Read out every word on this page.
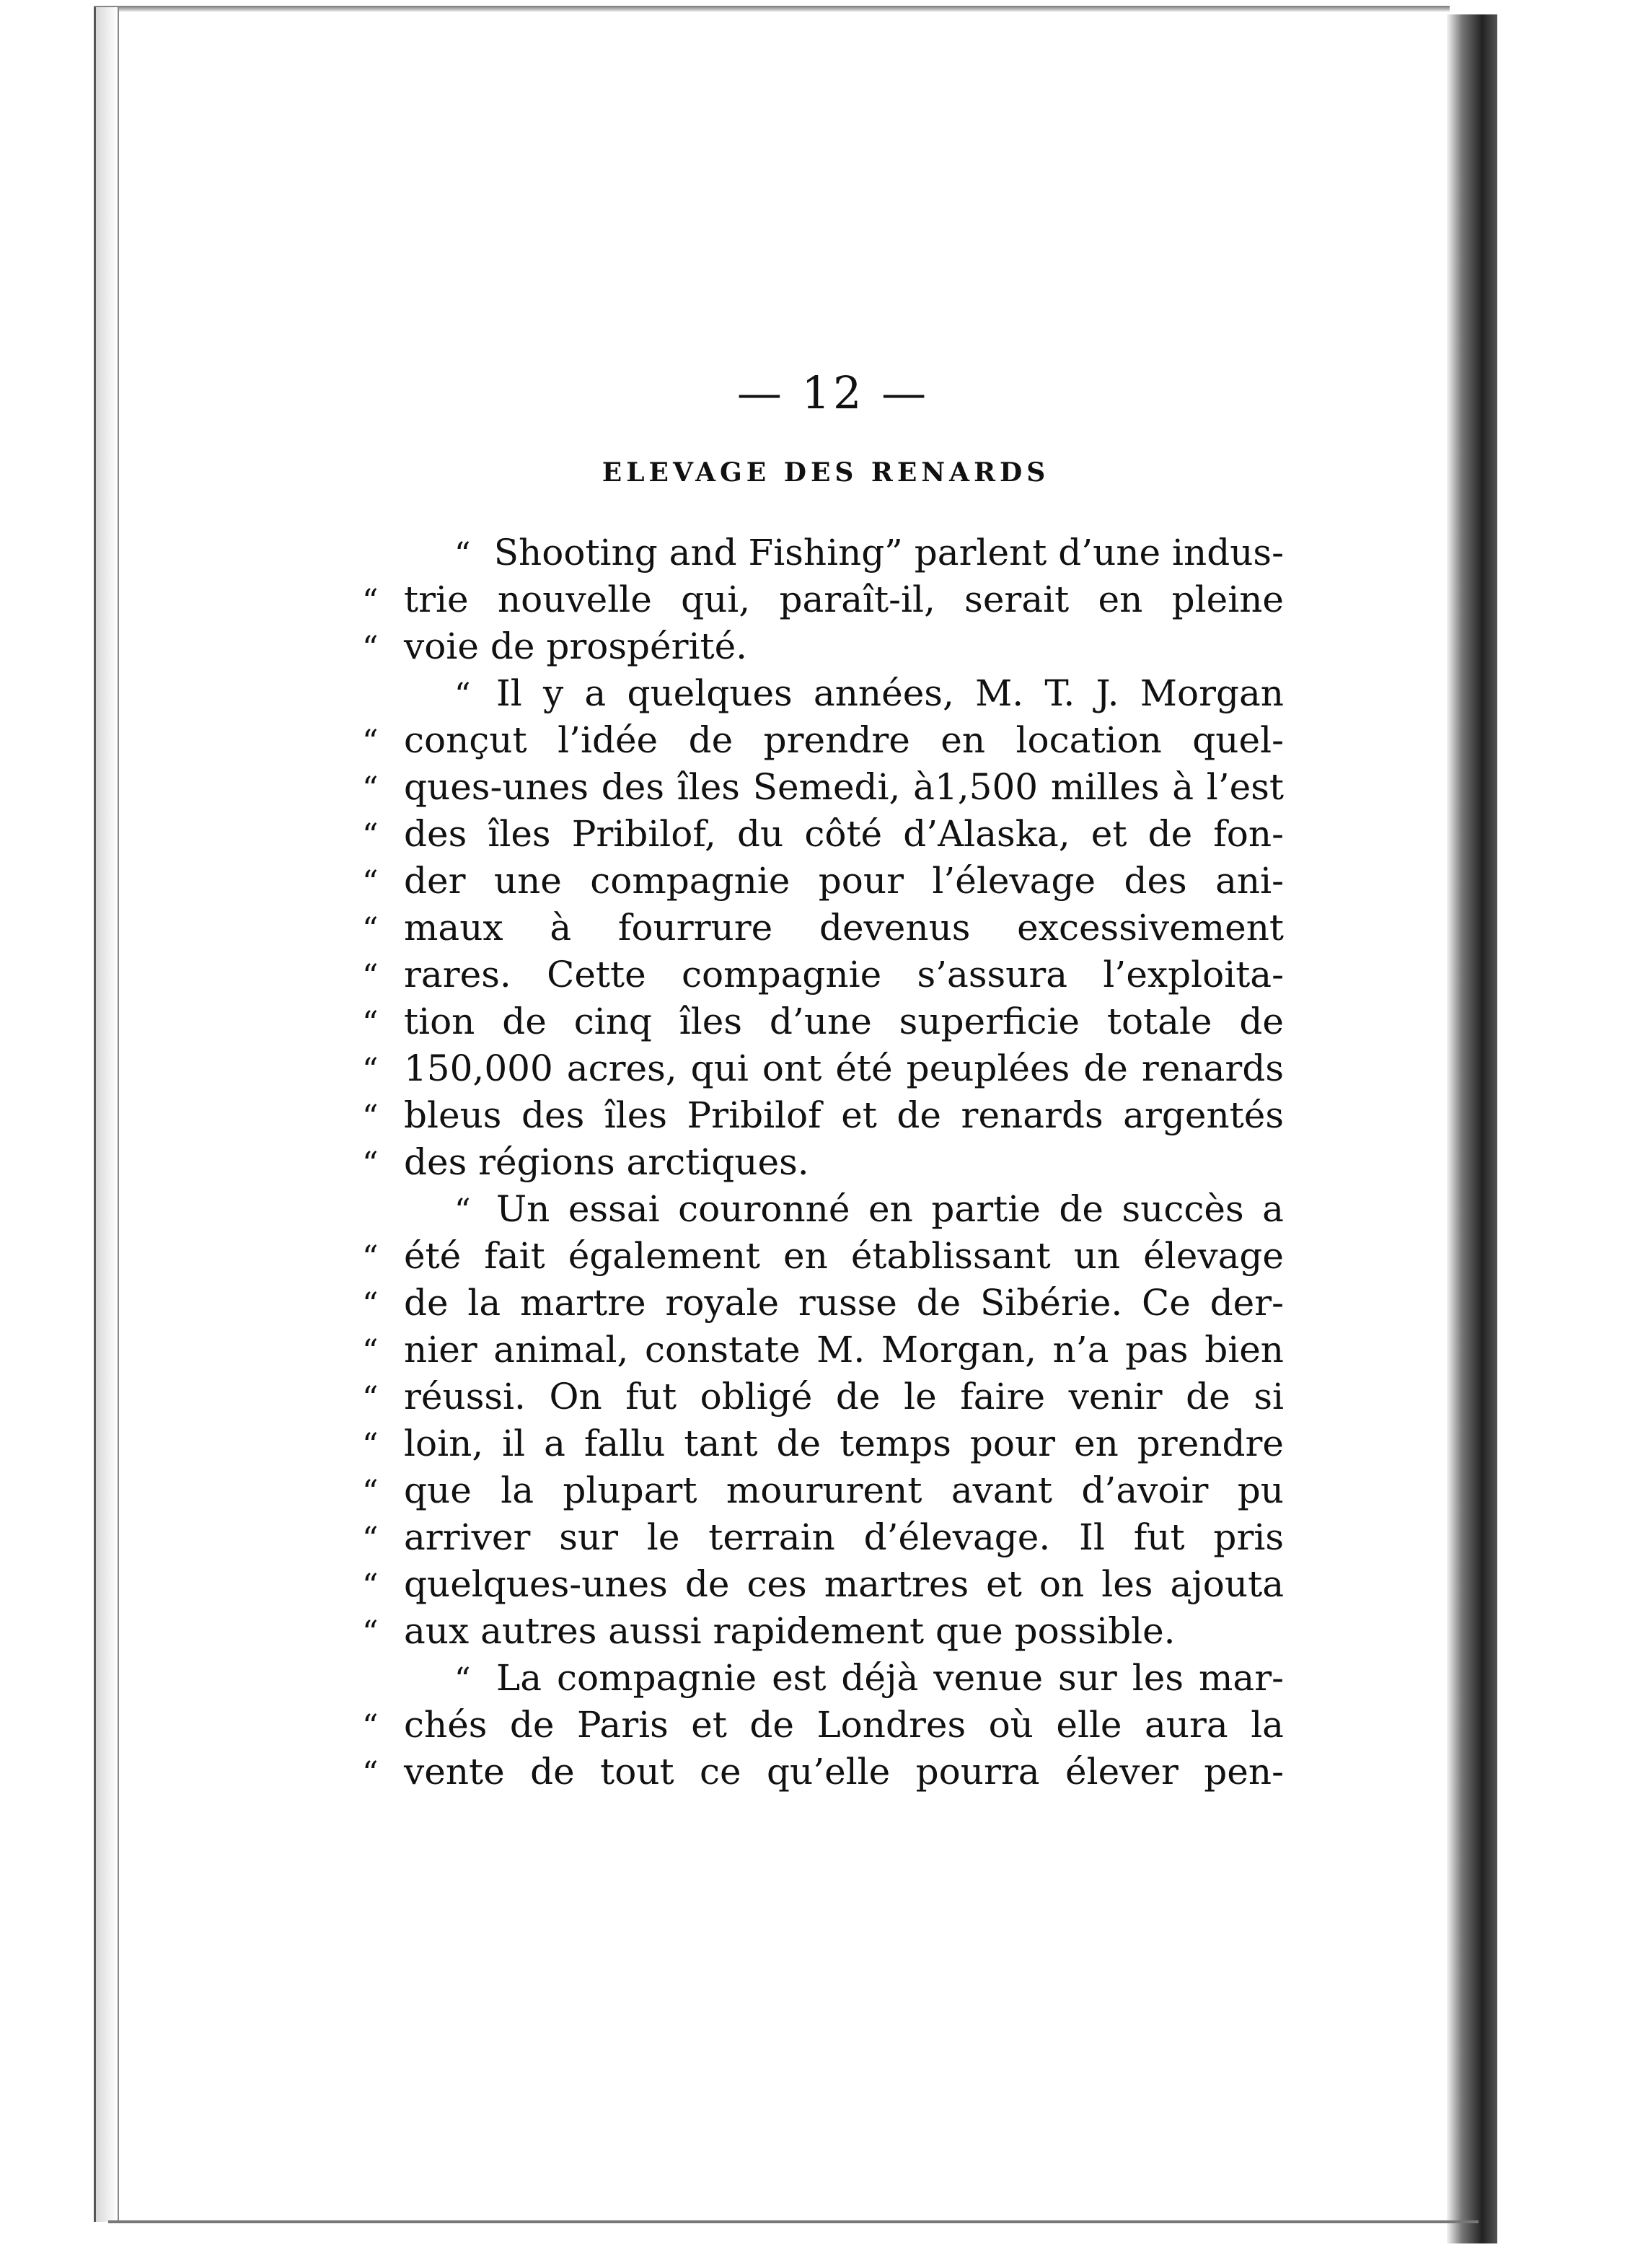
— 12 —
ELEVAGE DES RENARDS
“ Shooting and Fishing” parlent d’une indus-
“ trie nouvelle qui, paraît-il, serait en pleine
“ voie de prospérité.
“ Il y a quelques années, M. T. J. Morgan
“ conçut l’idée de prendre en location quel-
“ ques-unes des îles Semedi, à1,500 milles à l’est
“ des îles Pribilof, du côté d’Alaska, et de fon-
“ der une compagnie pour l’élevage des ani-
“ maux à fourrure devenus excessivement
“ rares. Cette compagnie s’assura l’exploita-
“ tion de cinq îles d’une superficie totale de
“ 150,000 acres, qui ont été peuplées de renards
“ bleus des îles Pribilof et de renards argentés
“ des régions arctiques.
“ Un essai couronné en partie de succès a
“ été fait également en établissant un élevage
“ de la martre royale russe de Sibérie. Ce der-
“ nier animal, constate M. Morgan, n’a pas bien
“ réussi. On fut obligé de le faire venir de si
“ loin, il a fallu tant de temps pour en prendre
“ que la plupart moururent avant d’avoir pu
“ arriver sur le terrain d’élevage. Il fut pris
“ quelques-unes de ces martres et on les ajouta
“ aux autres aussi rapidement que possible.
“ La compagnie est déjà venue sur les mar-
“ chés de Paris et de Londres où elle aura la
“ vente de tout ce qu’elle pourra élever pen-
